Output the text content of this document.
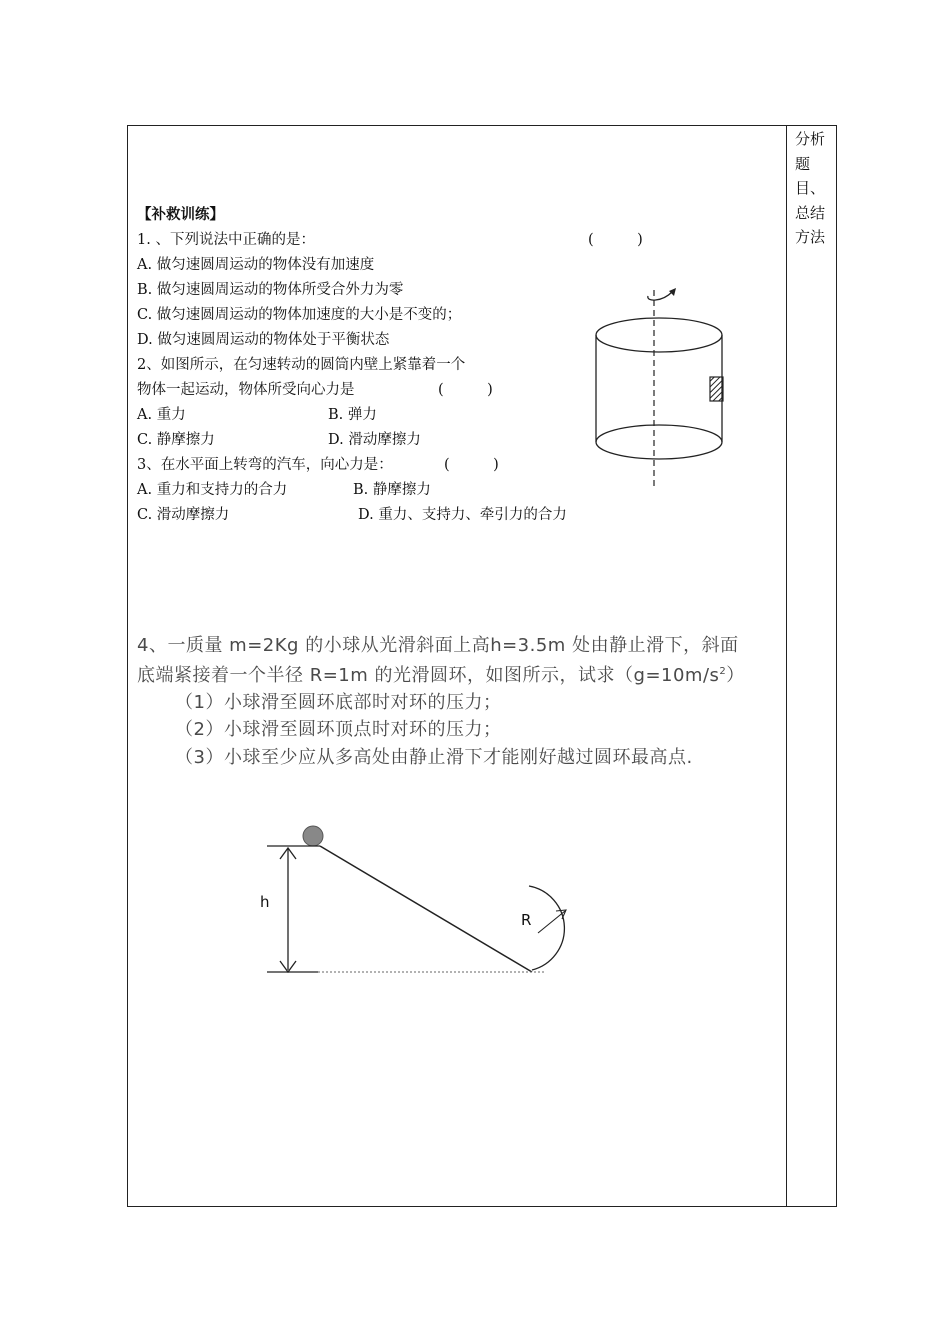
分析题目、总结方法
【补救训练】
1. 、下列说法中正确的是：	(　　　)
A. 做匀速圆周运动的物体没有加速度
B. 做匀速圆周运动的物体所受合外力为零
C. 做匀速圆周运动的物体加速度的大小是不变的；
D. 做匀速圆周运动的物体处于平衡状态
2、如图所示，在匀速转动的圆筒内壁上紧靠着一个
物体一起运动，物体所受向心力是	(　　　)
A. 重力	B. 弹力
C. 静摩擦力	D. 滑动摩擦力
3、在水平面上转弯的汽车，向心力是：	(　　　)
A. 重力和支持力的合力	B. 静摩擦力
C. 滑动摩擦力	D. 重力、支持力、牵引力的合力
4、一质量 m=2Kg 的小球从光滑斜面上高h=3.5m 处由静止滑下，斜面
底端紧接着一个半径 R=1m 的光滑圆环，如图所示，试求$(g=10m/s^2)$
（1）小球滑至圆环底部时对环的压力；
（2）小球滑至圆环顶点时对环的压力；
（3）小球至少应从多高处由静止滑下才能刚好越过圆环最高点.
h
R
